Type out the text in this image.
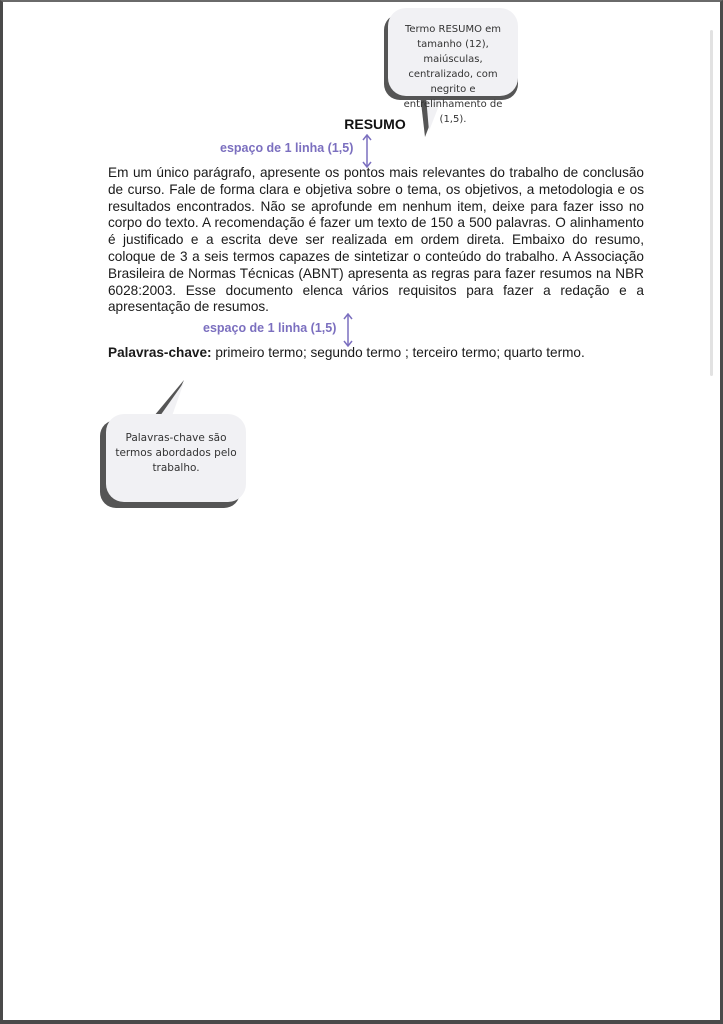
Termo RESUMO em tamanho (12), maiúsculas, centralizado, com negrito e entrelinhamento de (1,5).
RESUMO
espaço de 1 linha (1,5)
Em um único parágrafo, apresente os pontos mais relevantes do trabalho de conclusão de curso. Fale de forma clara e objetiva sobre o tema, os objetivos, a metodologia e os resultados encontrados. Não se aprofunde em nenhum item, deixe para fazer isso no corpo do texto. A recomendação é fazer um texto de 150 a 500 palavras. O alinhamento é justificado e a escrita deve ser realizada em ordem direta. Embaixo do resumo, coloque de 3 a seis termos capazes de sintetizar o conteúdo do trabalho. A Associação Brasileira de Normas Técnicas (ABNT) apresenta as regras para fazer resumos na NBR 6028:2003. Esse documento elenca vários requisitos para fazer a redação e a apresentação de resumos.
espaço de 1 linha (1,5)
Palavras-chave: primeiro termo; segundo termo ; terceiro termo; quarto termo.
Palavras-chave são termos abordados pelo trabalho.
